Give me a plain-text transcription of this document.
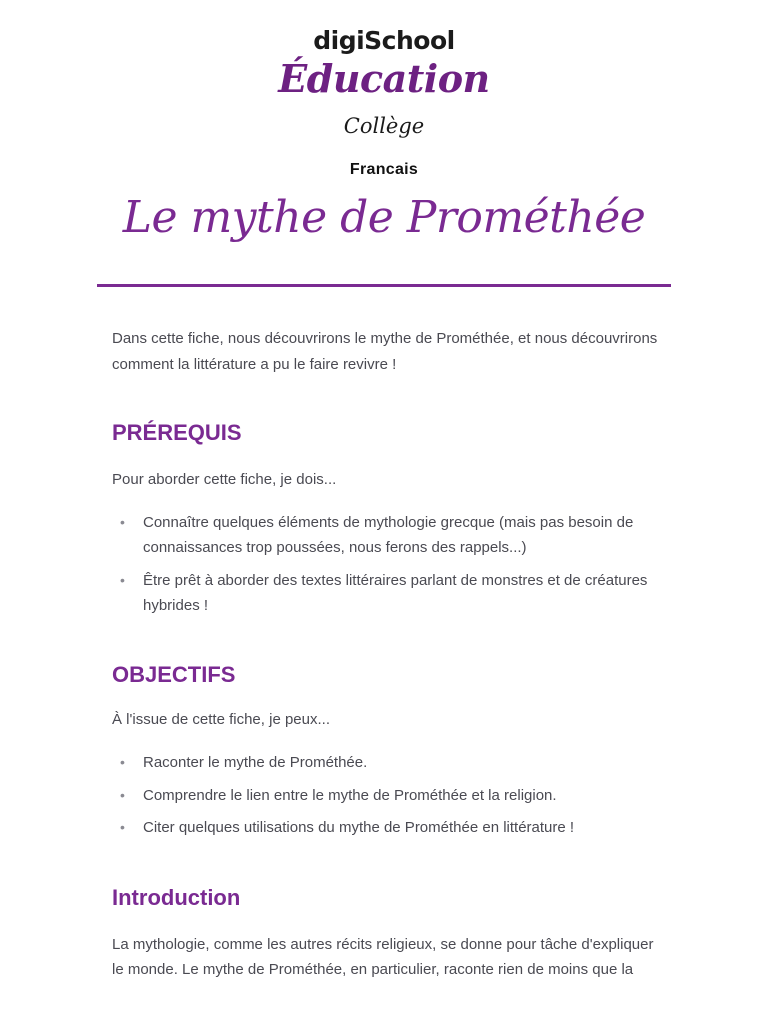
digiSchool
Éducation
Collège
Francais
Le mythe de Prométhée

Dans cette fiche, nous découvrirons le mythe de Prométhée, et nous découvrirons comment la littérature a pu le faire revivre !

PRÉREQUIS

Pour aborder cette fiche, je dois...

•	Connaître quelques éléments de mythologie grecque (mais pas besoin de connaissances trop poussées, nous ferons des rappels...)
•	Être prêt à aborder des textes littéraires parlant de monstres et de créatures hybrides !
OBJECTIFS

À l'issue de cette fiche, je peux...

•	Raconter le mythe de Prométhée.
•	Comprendre le lien entre le mythe de Prométhée et la religion.
•	Citer quelques utilisations du mythe de Prométhée en littérature !
Introduction

La mythologie, comme les autres récits religieux, se donne pour tâche d'expliquer le monde. Le mythe de Prométhée, en particulier, raconte rien de moins que la
